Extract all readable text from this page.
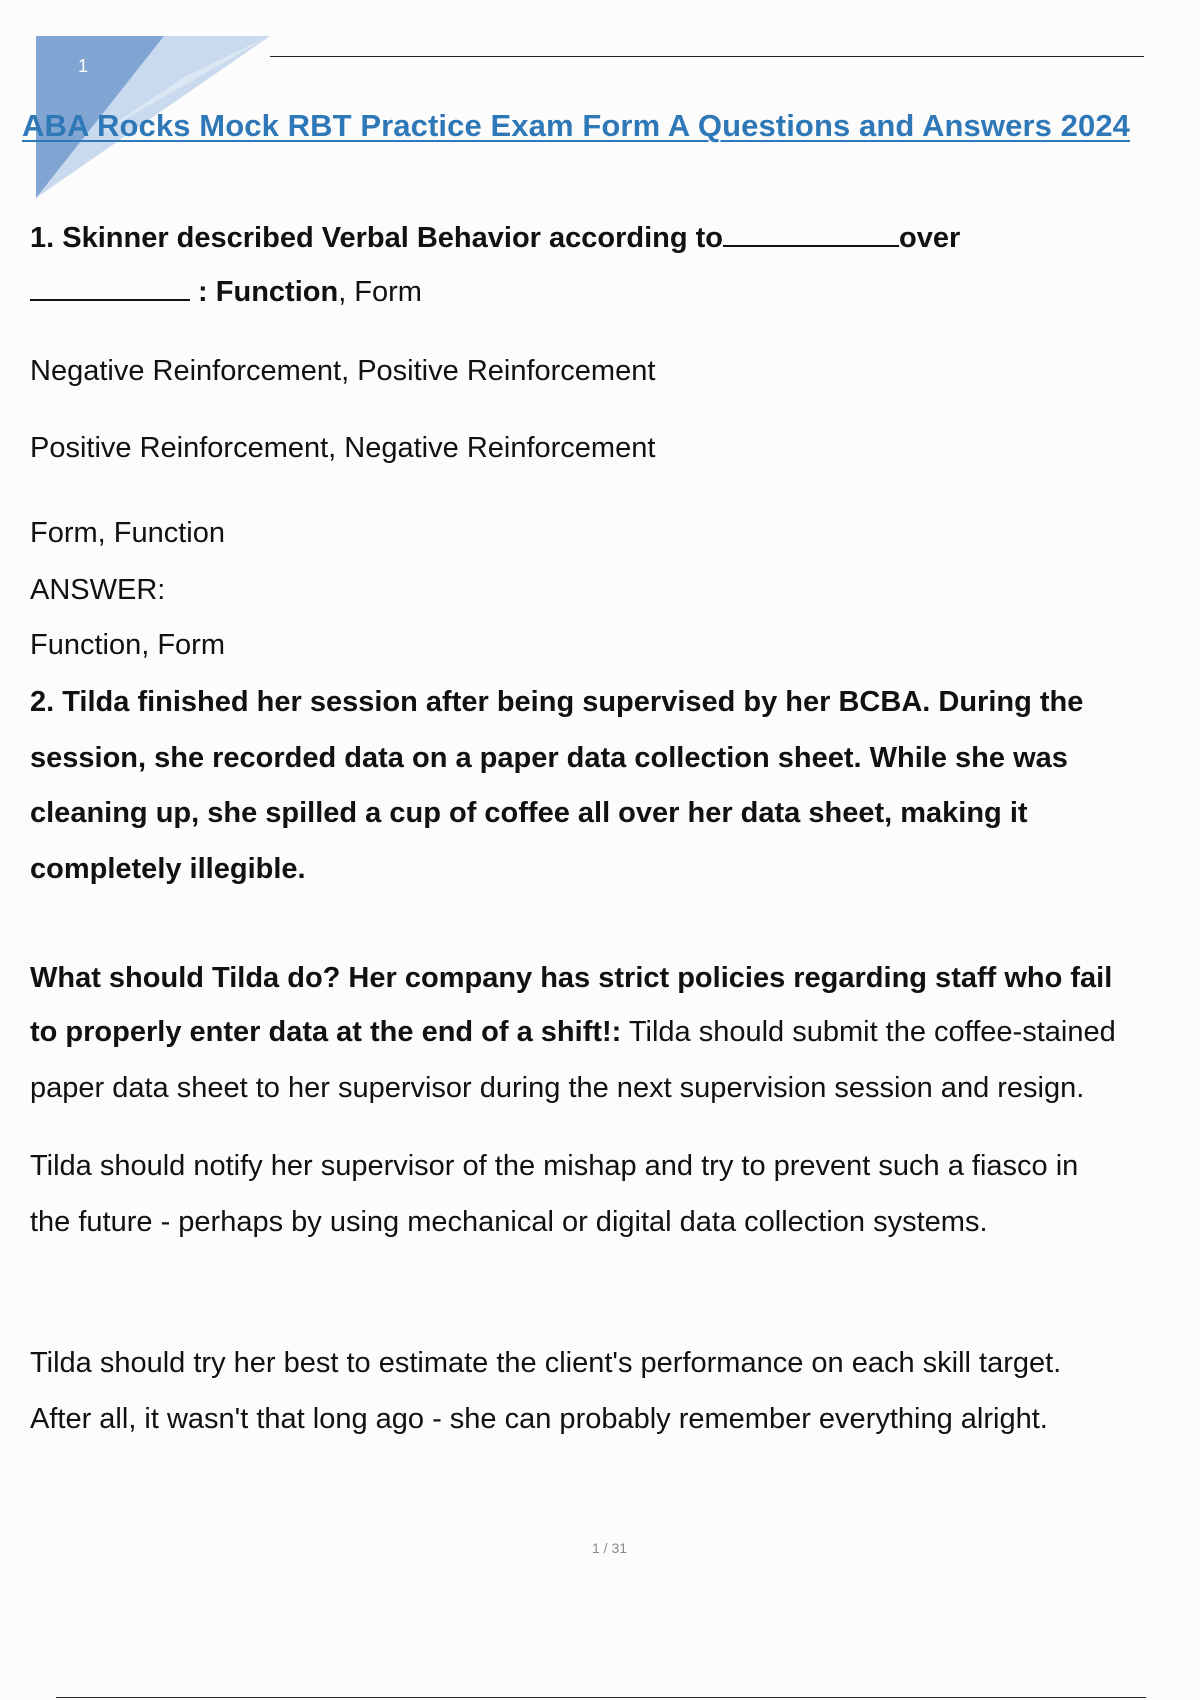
1
ABA Rocks Mock RBT Practice Exam Form A Questions and Answers 2024
1. Skinner described Verbal Behavior according to	over
: Function, Form
Negative Reinforcement, Positive Reinforcement
Positive Reinforcement, Negative Reinforcement
Form, Function
ANSWER:
Function, Form
2. Tilda finished her session after being supervised by her BCBA. During the
session, she recorded data on a paper data collection sheet. While she was
cleaning up, she spilled a cup of coffee all over her data sheet, making it
completely illegible.
What should Tilda do? Her company has strict policies regarding staff who fail
to properly enter data at the end of a shift!: Tilda should submit the coffee-stained
paper data sheet to her supervisor during the next supervision session and resign.
Tilda should notify her supervisor of the mishap and try to prevent such a fiasco in
the future - perhaps by using mechanical or digital data collection systems.
Tilda should try her best to estimate the client's performance on each skill target.
After all, it wasn't that long ago - she can probably remember everything alright.
1 / 31
